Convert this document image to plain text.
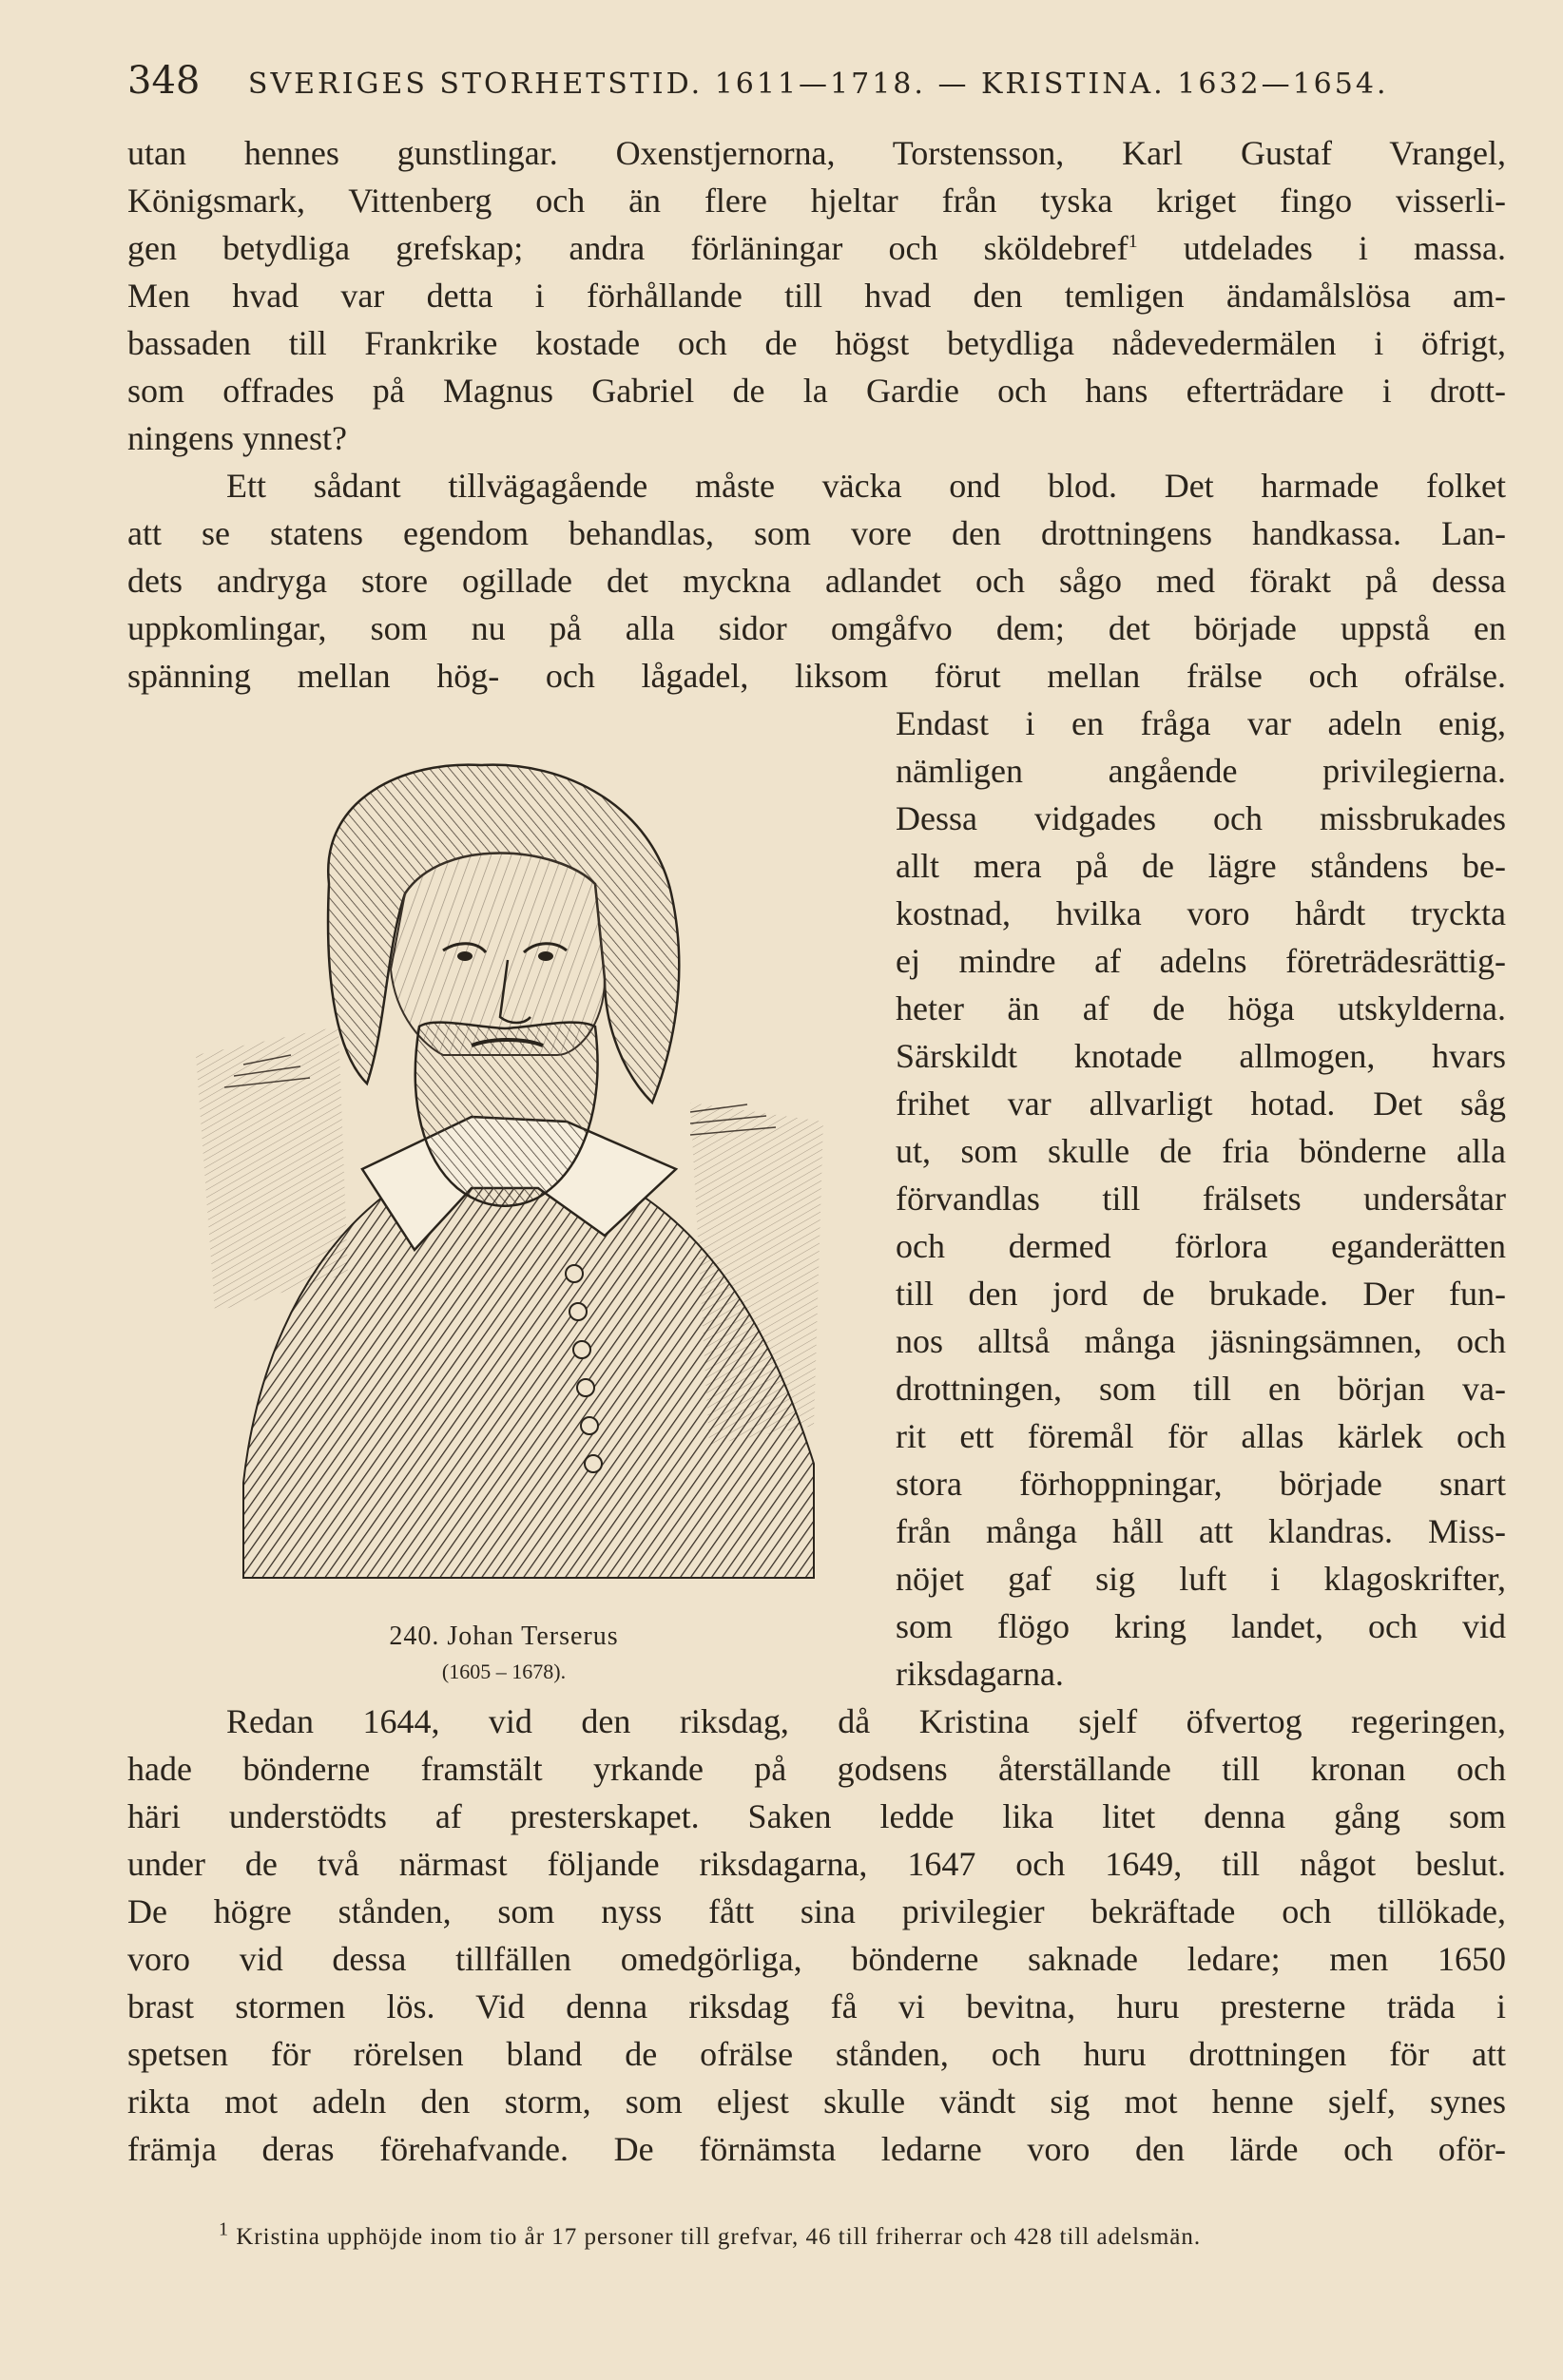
348 SVERIGES STORHETSTID. 1611—1718. — KRISTINA. 1632—1654.
utan hennes gunstlingar. Oxenstjernorna, Torstensson, Karl Gustaf Vrangel,
Königsmark, Vittenberg och än flere hjeltar från tyska kriget fingo visserli-
gen betydliga grefskap; andra förläningar och sköldebref$^1$ utdelades i massa.
Men hvad var detta i förhållande till hvad den temligen ändamålslösa am-
bassaden till Frankrike kostade och de högst betydliga nådevedermälen i öfrigt,
som offrades på Magnus Gabriel de la Gardie och hans efterträdare i drott-
ningens ynnest?
Ett sådant tillvägagående måste väcka ond blod. Det harmade folket
att se statens egendom behandlas, som vore den drottningens handkassa. Lan-
dets andryga store ogillade det myckna adlandet och sågo med förakt på dessa
uppkomlingar, som nu på alla sidor omgåfvo dem; det började uppstå en
spänning mellan hög- och lågadel, liksom förut mellan frälse och ofrälse.
Endast i en fråga var adeln enig,
nämligen angående privilegierna.
Dessa vidgades och missbrukades
allt mera på de lägre ståndens be-
kostnad, hvilka voro hårdt tryckta
ej mindre af adelns företrädesrättig-
heter än af de höga utskylderna.
Särskildt knotade allmogen, hvars
frihet var allvarligt hotad. Det såg
ut, som skulle de fria bönderne alla
förvandlas till frälsets undersåtar
och dermed förlora eganderätten
till den jord de brukade. Der fun-
nos alltså många jäsningsämnen, och
drottningen, som till en början va-
rit ett föremål för allas kärlek och
stora förhoppningar, började snart
från många håll att klandras. Miss-
nöjet gaf sig luft i klagoskrifter,
som flögo kring landet, och vid
riksdagarna.
240. Johan Terserus
(1605 – 1678).
Redan 1644, vid den riksdag, då Kristina sjelf öfvertog regeringen,
hade bönderne framstält yrkande på godsens återställande till kronan och
häri understödts af presterskapet. Saken ledde lika litet denna gång som
under de två närmast följande riksdagarna, 1647 och 1649, till något beslut.
De högre stånden, som nyss fått sina privilegier bekräftade och tillökade,
voro vid dessa tillfällen omedgörliga, bönderne saknade ledare; men 1650
brast stormen lös. Vid denna riksdag få vi bevitna, huru presterne träda i
spetsen för rörelsen bland de ofrälse stånden, och huru drottningen för att
rikta mot adeln den storm, som eljest skulle vändt sig mot henne sjelf, synes
främja deras förehafvande. De förnämsta ledarne voro den lärde och oför-
$^1$ Kristina upphöjde inom tio år 17 personer till grefvar, 46 till friherrar och 428 till adelsmän.
